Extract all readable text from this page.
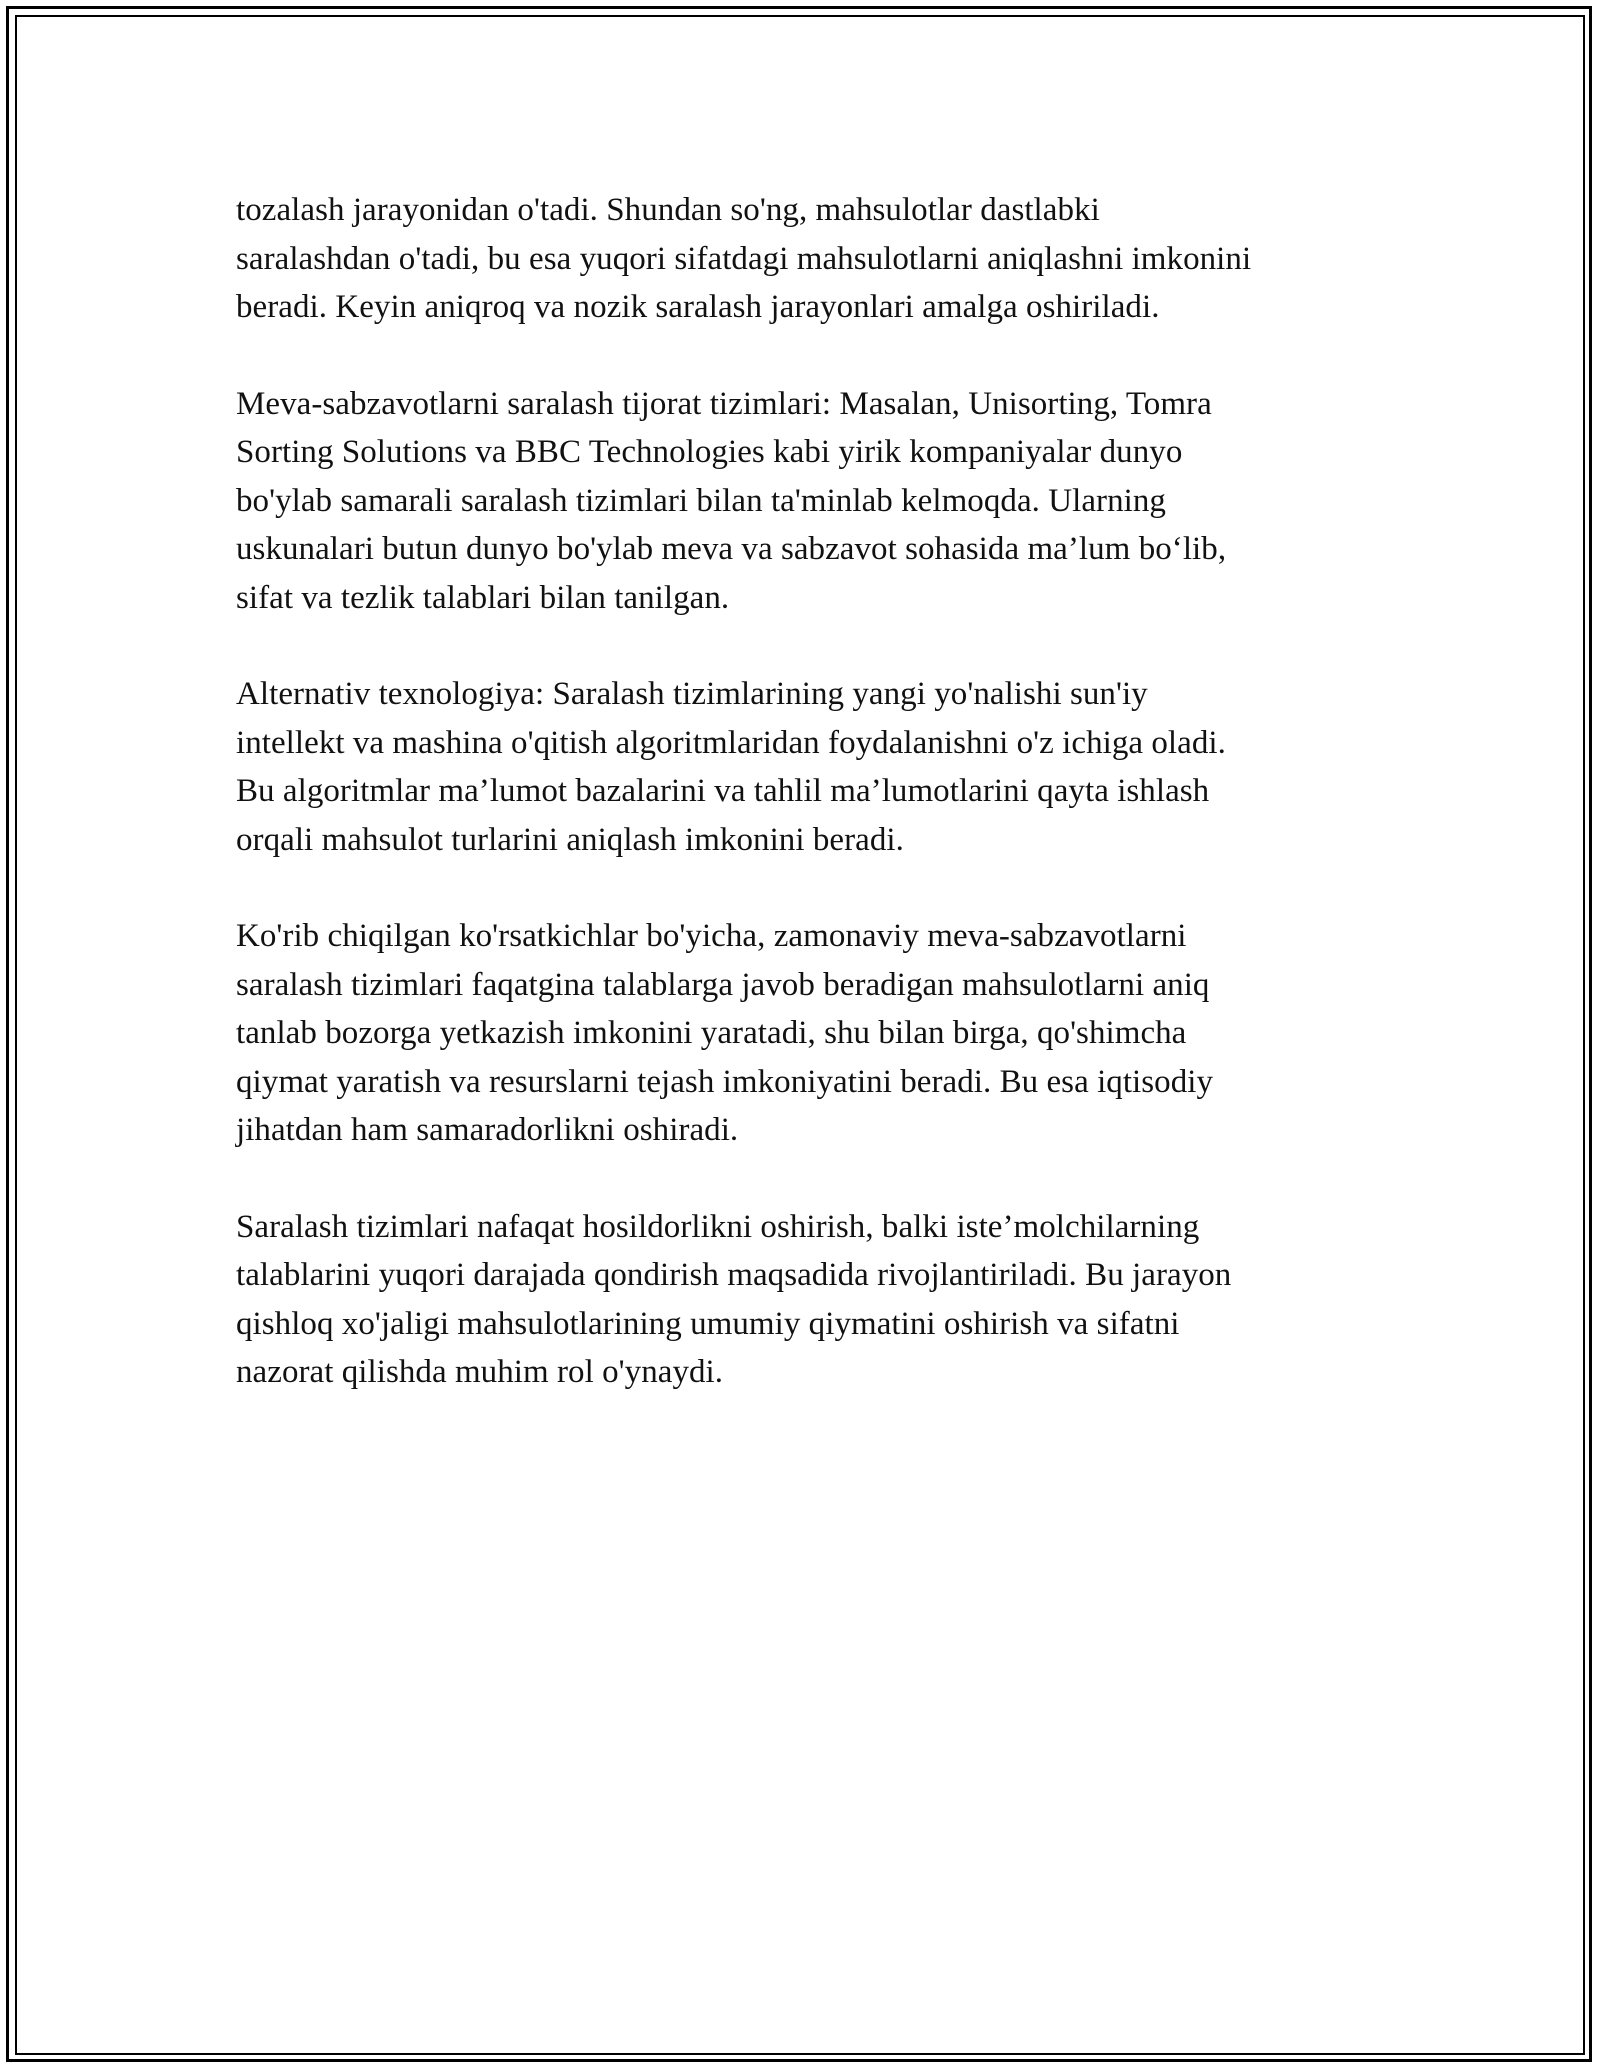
tozalash jarayonidan o'tadi. Shundan so'ng, mahsulotlar dastlabki
saralashdan o'tadi, bu esa yuqori sifatdagi mahsulotlarni aniqlashni imkonini
beradi. Keyin aniqroq va nozik saralash jarayonlari amalga oshiriladi.

Meva-sabzavotlarni saralash tijorat tizimlari: Masalan, Unisorting, Tomra
Sorting Solutions va BBC Technologies kabi yirik kompaniyalar dunyo
bo'ylab samarali saralash tizimlari bilan ta'minlab kelmoqda. Ularning
uskunalari butun dunyo bo'ylab meva va sabzavot sohasida ma’lum bo‘lib,
sifat va tezlik talablari bilan tanilgan.

Alternativ texnologiya: Saralash tizimlarining yangi yo'nalishi sun'iy
intellekt va mashina o'qitish algoritmlaridan foydalanishni o'z ichiga oladi.
Bu algoritmlar ma’lumot bazalarini va tahlil ma’lumotlarini qayta ishlash
orqali mahsulot turlarini aniqlash imkonini beradi.

Ko'rib chiqilgan ko'rsatkichlar bo'yicha, zamonaviy meva-sabzavotlarni
saralash tizimlari faqatgina talablarga javob beradigan mahsulotlarni aniq
tanlab bozorga yetkazish imkonini yaratadi, shu bilan birga, qo'shimcha
qiymat yaratish va resurslarni tejash imkoniyatini beradi. Bu esa iqtisodiy
jihatdan ham samaradorlikni oshiradi.

Saralash tizimlari nafaqat hosildorlikni oshirish, balki iste’molchilarning
talablarini yuqori darajada qondirish maqsadida rivojlantiriladi. Bu jarayon
qishloq xo'jaligi mahsulotlarining umumiy qiymatini oshirish va sifatni
nazorat qilishda muhim rol o'ynaydi.
